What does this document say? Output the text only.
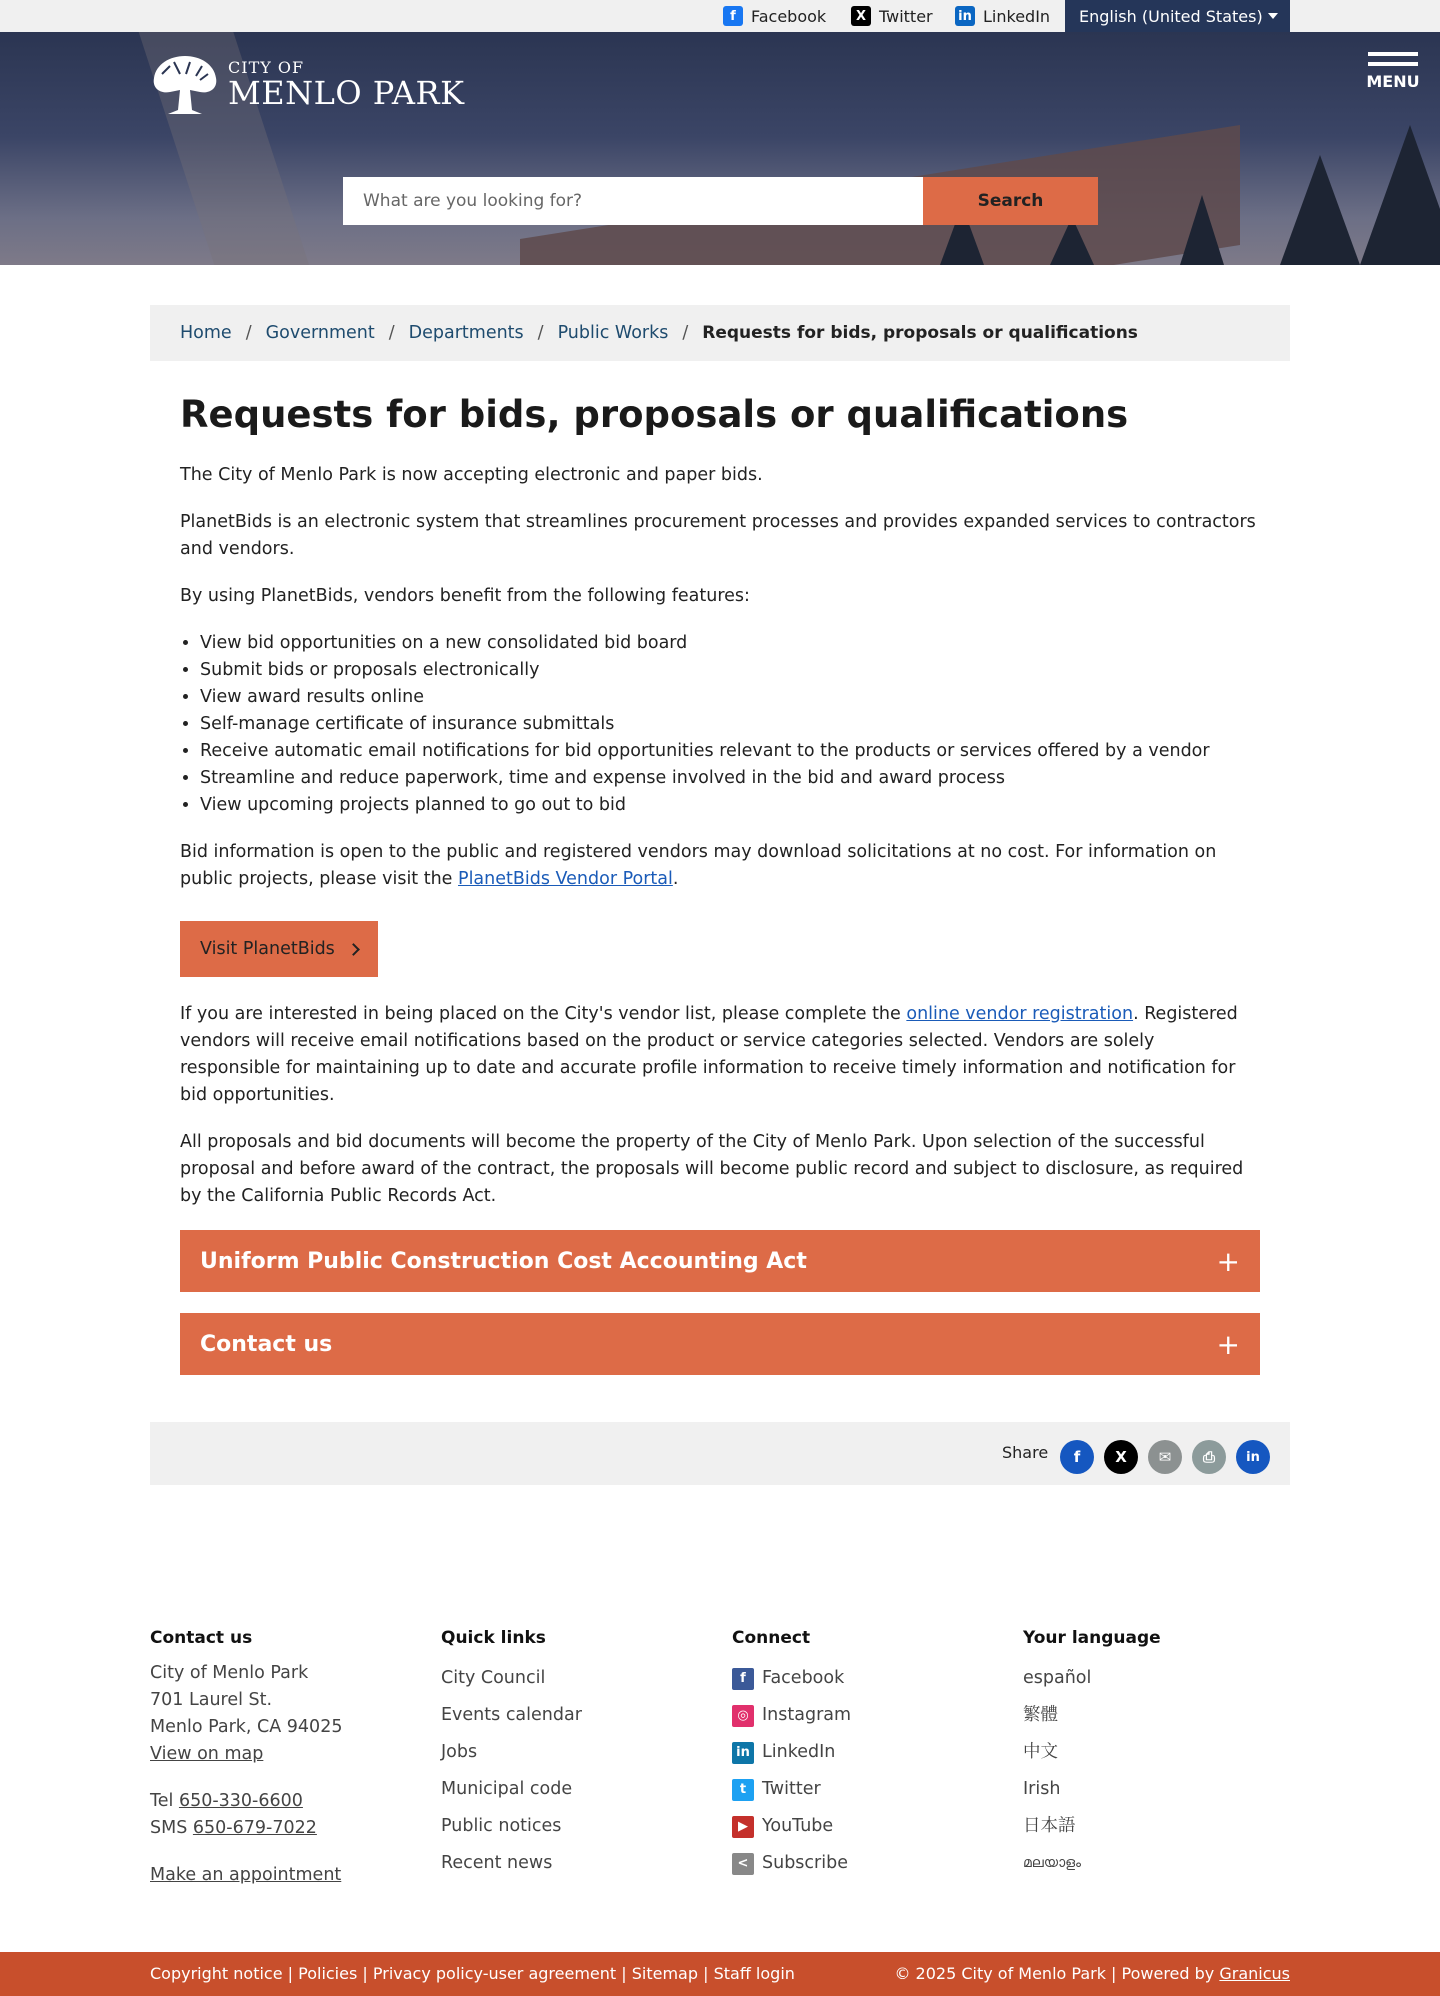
f Facebook	X Twitter in LinkedIn English (United States)
CITY OF
MENLO PARK	MENU
What are you looking for?
Search
Home / Government / Departments / Public Works / Requests for bids, proposals or qualifications
Requests for bids, proposals or qualifications

The City of Menlo Park is now accepting electronic and paper bids.

PlanetBids is an electronic system that streamlines procurement processes and provides expanded services to contractors and vendors.

By using PlanetBids, vendors benefit from the following features:

• View bid opportunities on a new consolidated bid board
• Submit bids or proposals electronically
• View award results online
• Self-manage certificate of insurance submittals
• Receive automatic email notifications for bid opportunities relevant to the products or services offered by a vendor
• Streamline and reduce paperwork, time and expense involved in the bid and award process
• View upcoming projects planned to go out to bid

Bid information is open to the public and registered vendors may download solicitations at no cost. For information on public projects, please visit the PlanetBids Vendor Portal.

Visit PlanetBids

If you are interested in being placed on the City's vendor list, please complete the online vendor registration. Registered vendors will receive email notifications based on the product or service categories selected. Vendors are solely responsible for maintaining up to date and accurate profile information to receive timely information and notification for bid opportunities.

All proposals and bid documents will become the property of the City of Menlo Park. Upon selection of the successful proposal and before award of the contract, the proposals will become public record and subject to disclosure, as required by the California Public Records Act.

Uniform Public Construction Cost Accounting Act	+
Contact us	+
Share	f	X	✉	⎙	in
Contact us
City of Menlo Park
701 Laurel St.
Menlo Park, CA 94025
View on map
Tel 650-330-6600
SMS 650-679-7022
Make an appointment
Quick links
City Council
Events calendar
Jobs
Municipal code
Public notices
Recent news
Connect
f Facebook
◎ Instagram
in LinkedIn
t Twitter
▶ YouTube
< Subscribe
Your language
español
繁體
中文
Irish
日本語
മലയാളം
Copyright notice | Policies | Privacy policy-user agreement | Sitemap | Staff login	© 2025 City of Menlo Park | Powered by Granicus
